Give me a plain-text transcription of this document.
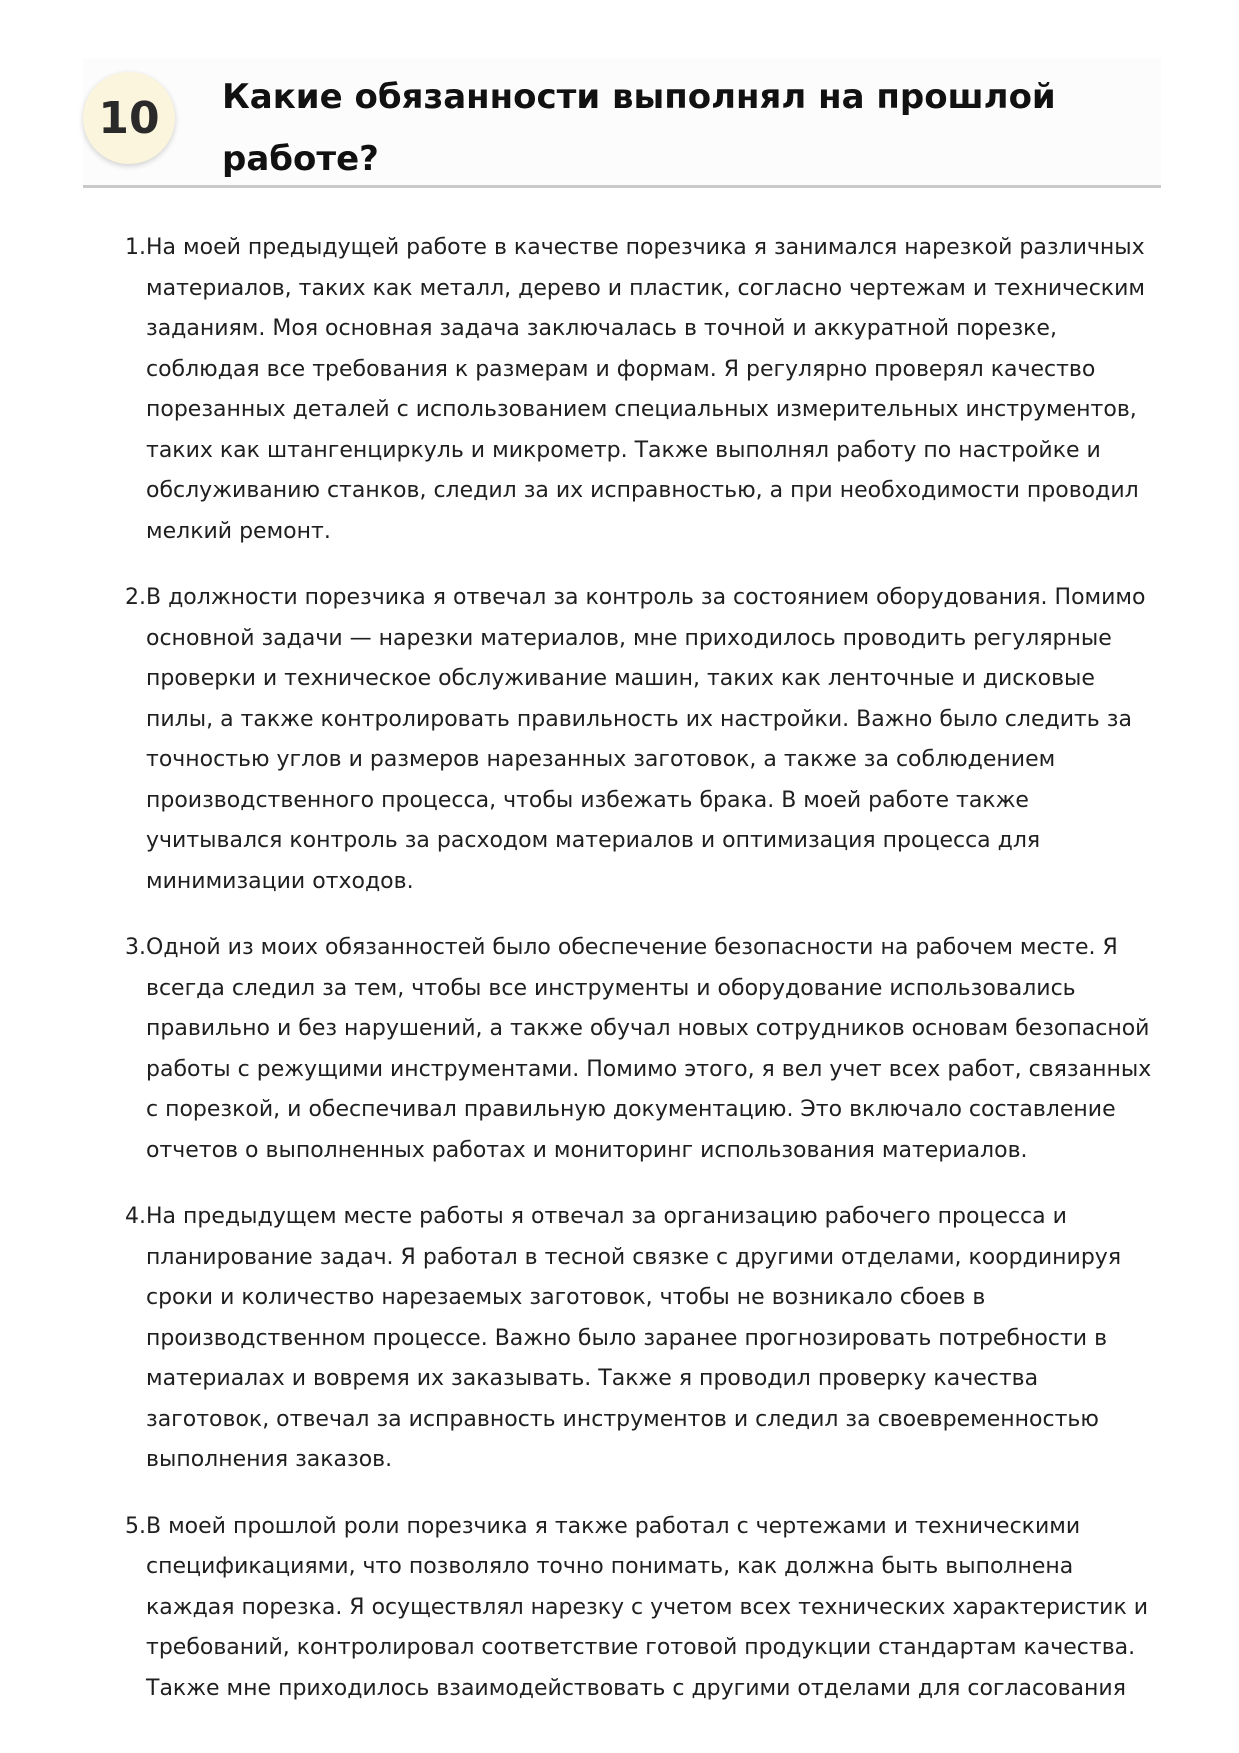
10	Какие обязанности выполнял на прошлой работе?
1. На моей предыдущей работе в качестве порезчика я занимался нарезкой различных материалов, таких как металл, дерево и пластик, согласно чертежам и техническим заданиям. Моя основная задача заключалась в точной и аккуратной порезке, соблюдая все требования к размерам и формам. Я регулярно проверял качество порезанных деталей с использованием специальных измерительных инструментов, таких как штангенциркуль и микрометр. Также выполнял работу по настройке и обслуживанию станков, следил за их исправностью, а при необходимости проводил мелкий ремонт.
2. В должности порезчика я отвечал за контроль за состоянием оборудования. Помимо основной задачи — нарезки материалов, мне приходилось проводить регулярные проверки и техническое обслуживание машин, таких как ленточные и дисковые пилы, а также контролировать правильность их настройки. Важно было следить за точностью углов и размеров нарезанных заготовок, а также за соблюдением производственного процесса, чтобы избежать брака. В моей работе также учитывался контроль за расходом материалов и оптимизация процесса для минимизации отходов.
3. Одной из моих обязанностей было обеспечение безопасности на рабочем месте. Я всегда следил за тем, чтобы все инструменты и оборудование использовались правильно и без нарушений, а также обучал новых сотрудников основам безопасной работы с режущими инструментами. Помимо этого, я вел учет всех работ, связанных с порезкой, и обеспечивал правильную документацию. Это включало составление отчетов о выполненных работах и мониторинг использования материалов.
4. На предыдущем месте работы я отвечал за организацию рабочего процесса и планирование задач. Я работал в тесной связке с другими отделами, координируя сроки и количество нарезаемых заготовок, чтобы не возникало сбоев в производственном процессе. Важно было заранее прогнозировать потребности в материалах и вовремя их заказывать. Также я проводил проверку качества заготовок, отвечал за исправность инструментов и следил за своевременностью выполнения заказов.
5. В моей прошлой роли порезчика я также работал с чертежами и техническими спецификациями, что позволяло точно понимать, как должна быть выполнена каждая порезка. Я осуществлял нарезку с учетом всех технических характеристик и требований, контролировал соответствие готовой продукции стандартам качества. Также мне приходилось взаимодействовать с другими отделами для согласования
